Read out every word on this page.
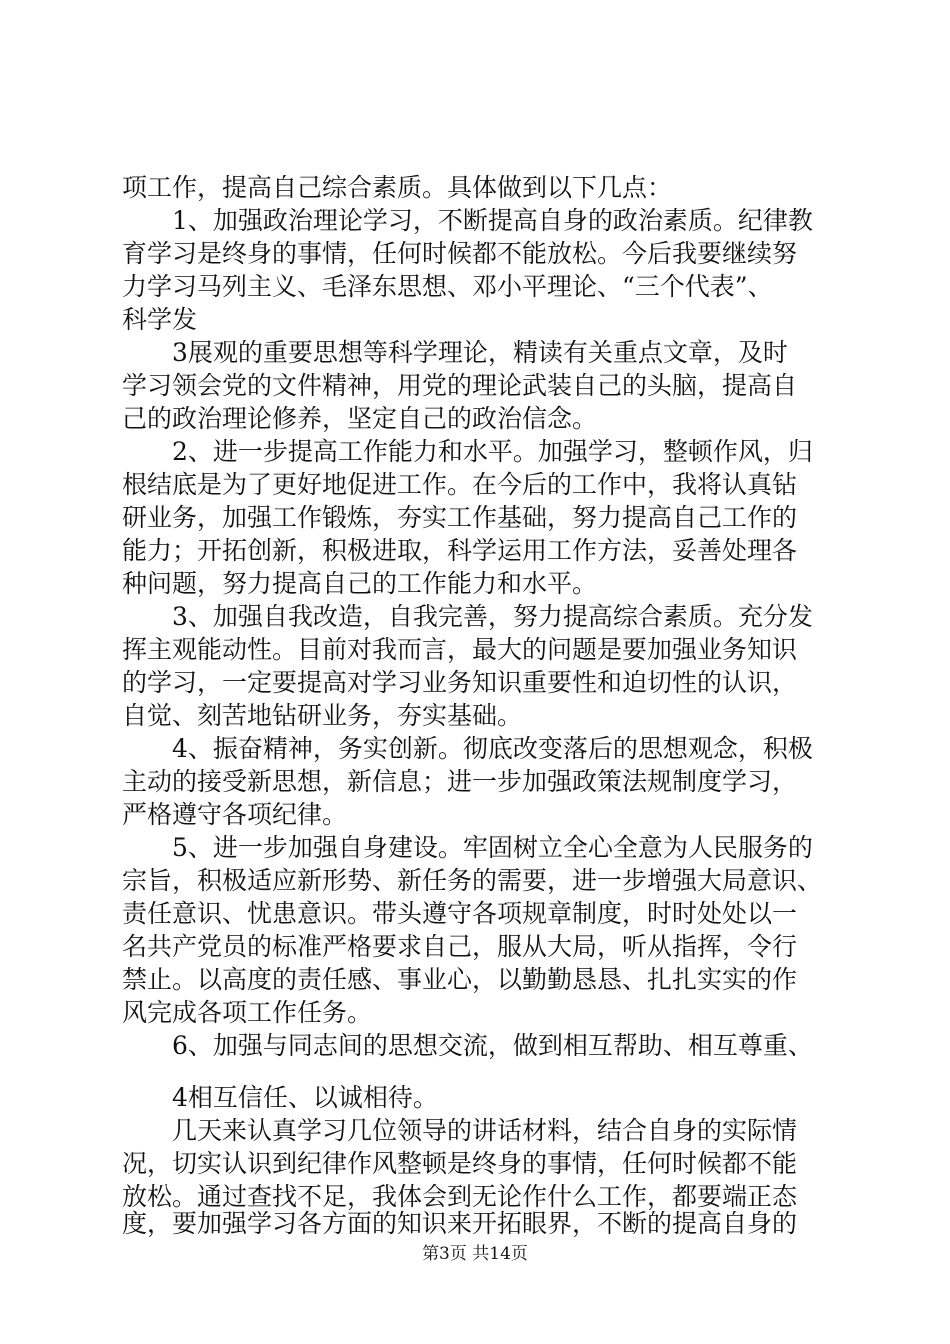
项工作，提高自己综合素质。具体做到以下几点：
　　1、加强政治理论学习，不断提高自身的政治素质。纪律教
育学习是终身的事情，任何时候都不能放松。今后我要继续努
力学习马列主义、毛泽东思想、邓小平理论、“三个代表”、
科学发
　　3展观的重要思想等科学理论，精读有关重点文章，及时
学习领会党的文件精神，用党的理论武装自己的头脑，提高自
己的政治理论修养，坚定自己的政治信念。
　　2、进一步提高工作能力和水平。加强学习，整顿作风，归
根结底是为了更好地促进工作。在今后的工作中，我将认真钻
研业务，加强工作锻炼，夯实工作基础，努力提高自己工作的
能力；开拓创新，积极进取，科学运用工作方法，妥善处理各
种问题，努力提高自己的工作能力和水平。
　　3、加强自我改造，自我完善，努力提高综合素质。充分发
挥主观能动性。目前对我而言，最大的问题是要加强业务知识
的学习，一定要提高对学习业务知识重要性和迫切性的认识，
自觉、刻苦地钻研业务，夯实基础。
　　4、振奋精神，务实创新。彻底改变落后的思想观念，积极
主动的接受新思想，新信息；进一步加强政策法规制度学习，
严格遵守各项纪律。
　　5、进一步加强自身建设。牢固树立全心全意为人民服务的
宗旨，积极适应新形势、新任务的需要，进一步增强大局意识、
责任意识、忧患意识。带头遵守各项规章制度，时时处处以一
名共产党员的标准严格要求自己，服从大局，听从指挥，令行
禁止。以高度的责任感、事业心，以勤勤恳恳、扎扎实实的作
风完成各项工作任务。
　　6、加强与同志间的思想交流，做到相互帮助、相互尊重、
　　4相互信任、以诚相待。
　　几天来认真学习几位领导的讲话材料，结合自身的实际情
况，切实认识到纪律作风整顿是终身的事情，任何时候都不能
放松。通过查找不足，我体会到无论作什么工作，都要端正态
度，要加强学习各方面的知识来开拓眼界，不断的提高自身的
第3页 共14页
